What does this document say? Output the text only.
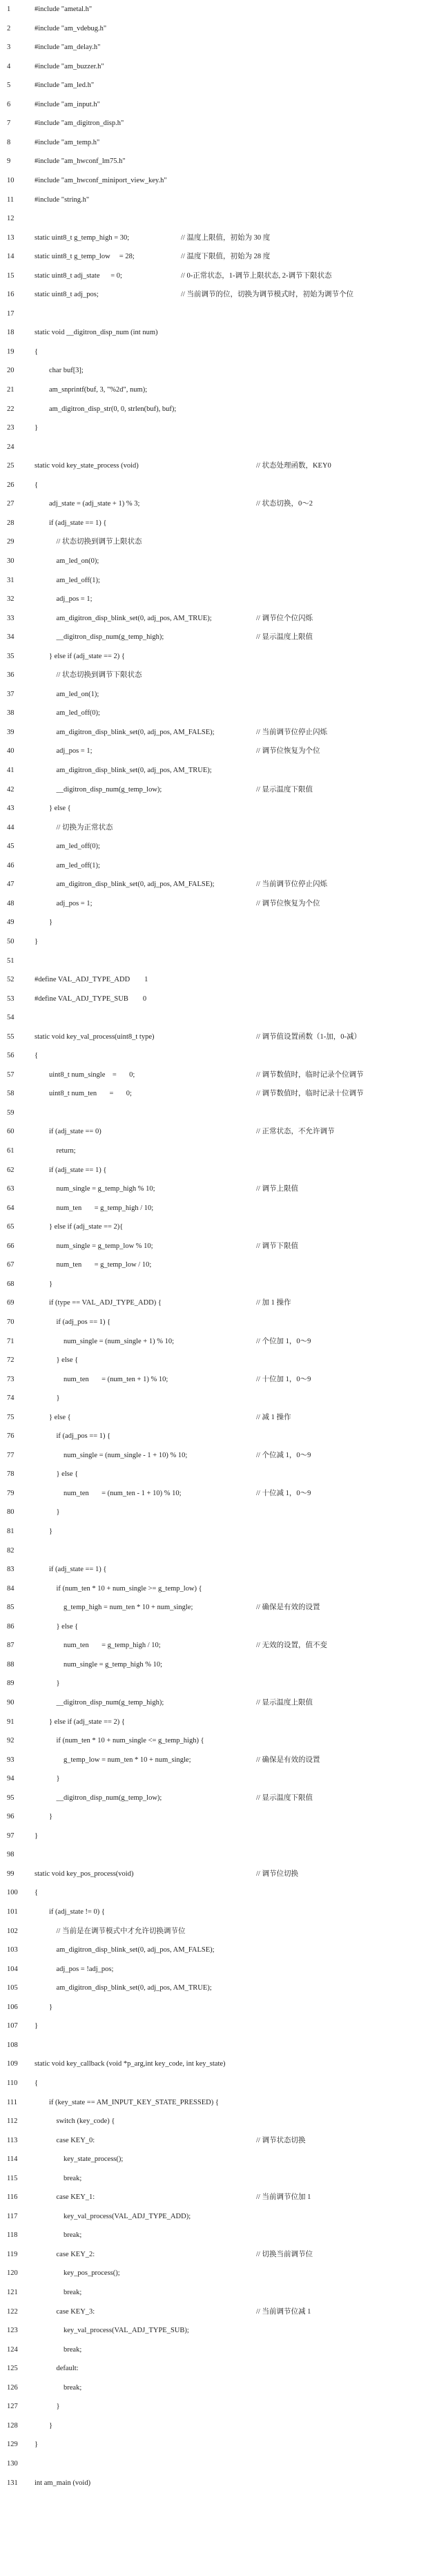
1	#include "ametal.h"
2	#include "am_vdebug.h"
3	#include "am_delay.h"
4	#include "am_buzzer.h"
5	#include "am_led.h"
6	#include "am_input.h"
7	#include "am_digitron_disp.h"
8	#include "am_temp.h"
9	#include "am_hwconf_lm75.h"
10	#include "am_hwconf_miniport_view_key.h"
11	#include "string.h"
12
13	static uint8_t g_temp_high = 30;	// 温度上限值，初始为 30 度
14	static uint8_t g_temp_low     = 28;	// 温度下限值，初始为 28 度
15	static uint8_t adj_state      = 0;	// 0-正常状态，1-调节上限状态, 2-调节下限状态
16	static uint8_t adj_pos;	// 当前调节的位，切换为调节模式时，初始为调节个位
17
18	static void __digitron_disp_num (int num)
19	{
20	char buf[3];
21	am_snprintf(buf, 3, "%2d", num);
22	am_digitron_disp_str(0, 0, strlen(buf), buf);
23	}
24
25	static void key_state_process (void)	// 状态处理函数，KEY0
26	{
27	adj_state = (adj_state + 1) % 3;	// 状态切换，0～2
28	if (adj_state == 1) {
29	// 状态切换到调节上限状态
30	am_led_on(0);
31	am_led_off(1);
32	adj_pos = 1;
33	am_digitron_disp_blink_set(0, adj_pos, AM_TRUE);	// 调节位个位闪烁
34	__digitron_disp_num(g_temp_high);	// 显示温度上限值
35	} else if (adj_state == 2) {
36	// 状态切换到调节下限状态
37	am_led_on(1);
38	am_led_off(0);
39	am_digitron_disp_blink_set(0, adj_pos, AM_FALSE);	// 当前调节位停止闪烁
40	adj_pos = 1;	// 调节位恢复为个位
41	am_digitron_disp_blink_set(0, adj_pos, AM_TRUE);
42	__digitron_disp_num(g_temp_low);	// 显示温度下限值
43	} else {
44	// 切换为正常状态
45	am_led_off(0);
46	am_led_off(1);
47	am_digitron_disp_blink_set(0, adj_pos, AM_FALSE);	// 当前调节位停止闪烁
48	adj_pos = 1;	// 调节位恢复为个位
49	}
50	}
51
52	#define VAL_ADJ_TYPE_ADD        1
53	#define VAL_ADJ_TYPE_SUB        0
54
55	static void key_val_process(uint8_t type)	// 调节值设置函数（1-加，0-减）
56	{
57	uint8_t num_single    =       0;	// 调节数值时，临时记录个位调节
58	uint8_t num_ten       =       0;	// 调节数值时，临时记录十位调节
59
60	if (adj_state == 0)	// 正常状态，不允许调节
61	return;
62	if (adj_state == 1) {
63	num_single = g_temp_high % 10;	// 调节上限值
64	num_ten       = g_temp_high / 10;
65	} else if (adj_state == 2){
66	num_single = g_temp_low % 10;	// 调节下限值
67	num_ten       = g_temp_low / 10;
68	}
69	if (type == VAL_ADJ_TYPE_ADD) {	// 加 1 操作
70	if (adj_pos == 1) {
71	num_single = (num_single + 1) % 10;	// 个位加 1，0～9
72	} else {
73	num_ten       = (num_ten + 1) % 10;	// 十位加 1，0～9
74	}
75	} else {	// 减 1 操作
76	if (adj_pos == 1) {
77	num_single = (num_single - 1 + 10) % 10;	// 个位减 1，0～9
78	} else {
79	num_ten       = (num_ten - 1 + 10) % 10;	// 十位减 1，0～9
80	}
81	}
82
83	if (adj_state == 1) {
84	if (num_ten * 10 + num_single >= g_temp_low) {
85	g_temp_high = num_ten * 10 + num_single;	// 确保是有效的设置
86	} else {
87	num_ten       = g_temp_high / 10;	// 无效的设置，值不变
88	num_single = g_temp_high % 10;
89	}
90	__digitron_disp_num(g_temp_high);	// 显示温度上限值
91	} else if (adj_state == 2) {
92	if (num_ten * 10 + num_single <= g_temp_high) {
93	g_temp_low = num_ten * 10 + num_single;	// 确保是有效的设置
94	}
95	__digitron_disp_num(g_temp_low);	// 显示温度下限值
96	}
97	}
98
99	static void key_pos_process(void)	// 调节位切换
100	{
101	if (adj_state != 0) {
102	// 当前是在调节模式中才允许切换调节位
103	am_digitron_disp_blink_set(0, adj_pos, AM_FALSE);
104	adj_pos = !adj_pos;
105	am_digitron_disp_blink_set(0, adj_pos, AM_TRUE);
106	}
107	}
108
109	static void key_callback (void *p_arg,int key_code, int key_state)
110	{
111	if (key_state == AM_INPUT_KEY_STATE_PRESSED) {
112	switch (key_code) {
113	case KEY_0:	// 调节状态切换
114	key_state_process();
115	break;
116	case KEY_1:	// 当前调节位加 1
117	key_val_process(VAL_ADJ_TYPE_ADD);
118	break;
119	case KEY_2:	// 切换当前调节位
120	key_pos_process();
121	break;
122	case KEY_3:	// 当前调节位减 1
123	key_val_process(VAL_ADJ_TYPE_SUB);
124	break;
125	default:
126	break;
127	}
128	}
129	}
130
131	int am_main (void)
